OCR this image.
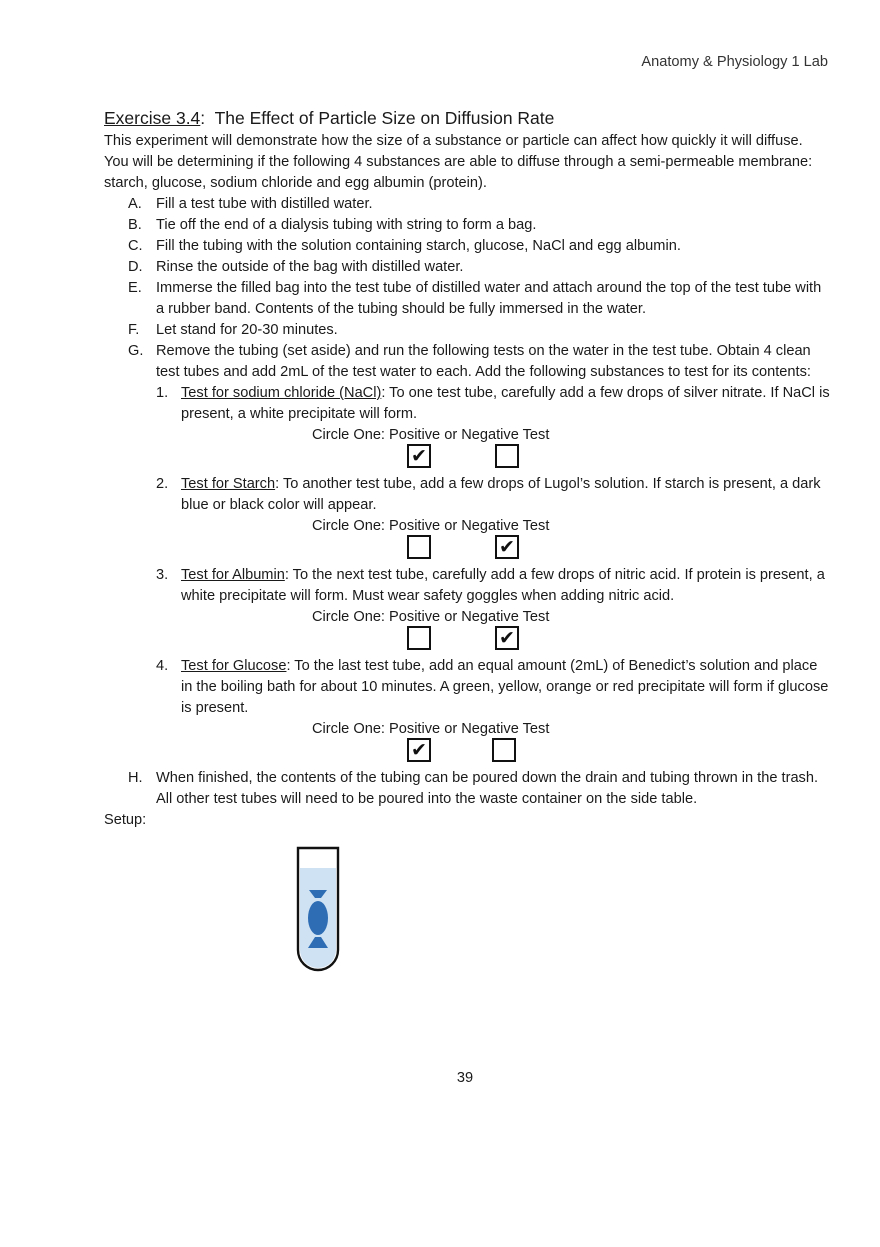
Anatomy & Physiology 1 Lab
Exercise 3.4:  The Effect of Particle Size on Diffusion Rate

This experiment will demonstrate how the size of a substance or particle can affect how quickly it will diffuse. You will be determining if the following 4 substances are able to diffuse through a semi-permeable membrane: starch, glucose, sodium chloride and egg albumin (protein).

A. Fill a test tube with distilled water.
B. Tie off the end of a dialysis tubing with string to form a bag.
C. Fill the tubing with the solution containing starch, glucose, NaCl and egg albumin.
D. Rinse the outside of the bag with distilled water.
E. Immerse the filled bag into the test tube of distilled water and attach around the top of the test tube with a rubber band. Contents of the tubing should be fully immersed in the water.
F. Let stand for 20-30 minutes.
G. Remove the tubing (set aside) and run the following tests on the water in the test tube. Obtain 4 clean test tubes and add 2mL of the test water to each. Add the following substances to test for its contents:
1. Test for sodium chloride (NaCl): To one test tube, carefully add a few drops of silver nitrate. If NaCl is present, a white precipitate will form.
Circle One: Positive or Negative Test
✔
2. Test for Starch: To another test tube, add a few drops of Lugol’s solution. If starch is present, a dark blue or black color will appear.
Circle One: Positive or Negative Test
✔
3. Test for Albumin: To the next test tube, carefully add a few drops of nitric acid. If protein is present, a white precipitate will form. Must wear safety goggles when adding nitric acid.
Circle One: Positive or Negative Test
✔
4. Test for Glucose: To the last test tube, add an equal amount (2mL) of Benedict’s solution and place in the boiling bath for about 10 minutes. A green, yellow, orange or red precipitate will form if glucose is present.
Circle One: Positive or Negative Test
✔
H. When finished, the contents of the tubing can be poured down the drain and tubing thrown in the trash. All other test tubes will need to be poured into the waste container on the side table.
Setup:
39
